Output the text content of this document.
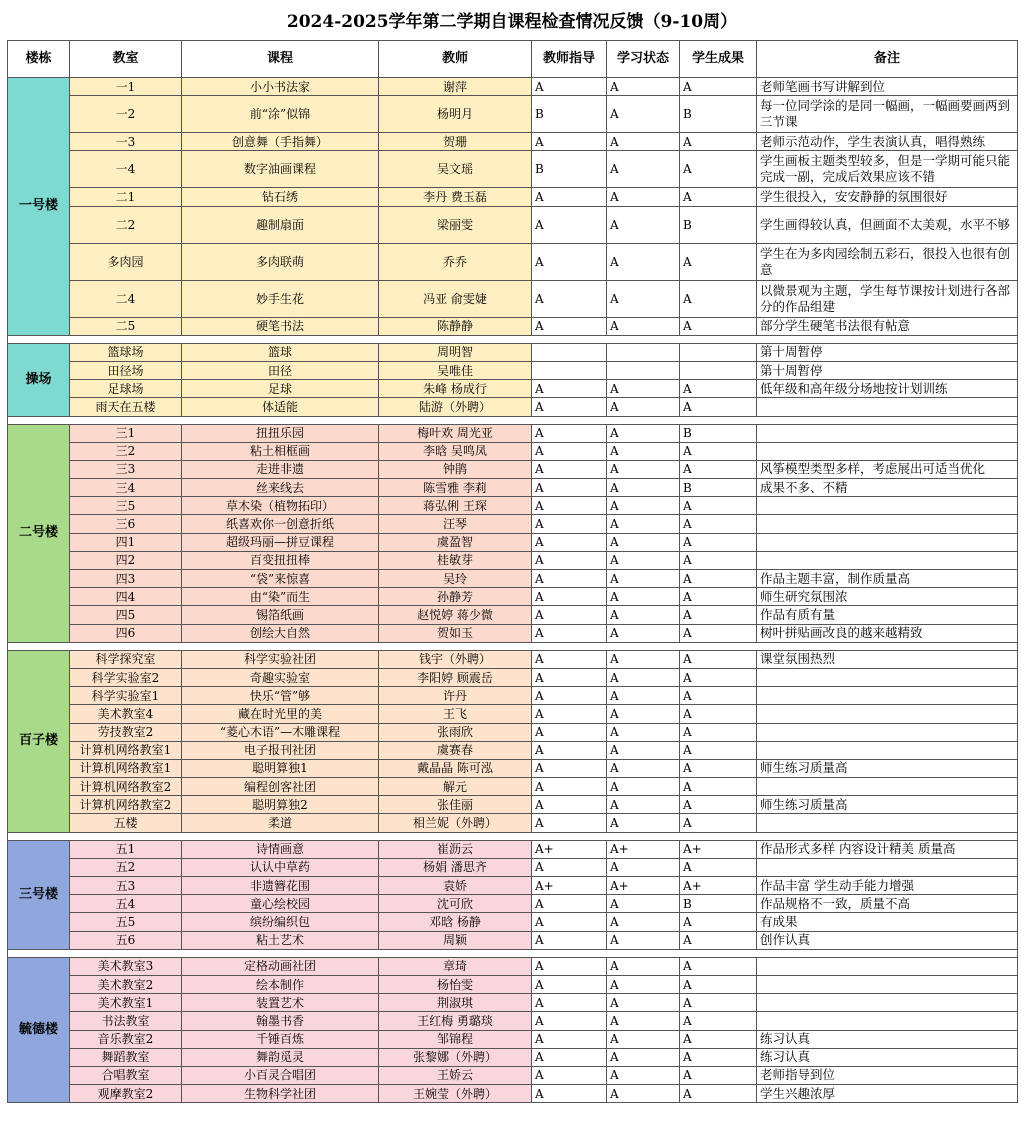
2024-2025学年第二学期自课程检查情况反馈（9-10周）
楼栋	教室	课程	教师	教师指导	学习状态	学生成果	备注
一号楼	一1	小小书法家	谢萍	A	A	A	老师笔画书写讲解到位
	一2	前“涂”似锦	杨明月	B	A	B	每一位同学涂的是同一幅画，一幅画要画两到三节课
	一3	创意舞（手指舞）	贺珊	A	A	A	老师示范动作，学生表演认真，唱得熟练
	一4	数字油画课程	吴文瑶	B	A	A	学生画板主题类型较多，但是一学期可能只能完成一副，完成后效果应该不错
	二1	钻石绣	李丹 费玉磊	A	A	A	学生很投入，安安静静的氛围很好
	二2	趣制扇面	梁丽雯	A	A	B	学生画得较认真，但画面不太美观，水平不够
	多肉园	多肉联萌	乔乔	A	A	A	学生在为多肉园绘制五彩石，很投入也很有创意
	二4	妙手生花	冯亚 俞雯婕	A	A	A	以微景观为主题，学生每节课按计划进行各部分的作品组建
	二5	硬笔书法	陈静静	A	A	A	部分学生硬笔书法很有帖意

操场	篮球场	篮球	周明智				第十周暂停
	田径场	田径	吴唯佳				第十周暂停
	足球场	足球	朱峰 杨成行	A	A	A	低年级和高年级分场地按计划训练
	雨天在五楼	体适能	陆游（外聘）	A	A	A	

二号楼	三1	扭扭乐园	梅叶欢 周光亚	A	A	B	
	三2	粘土相框画	李晗 吴鸣凤	A	A	A	
	三3	走进非遗	钟鹃	A	A	A	风筝模型类型多样，考虑展出可适当优化
	三4	丝来线去	陈雪雅 李莉	A	A	B	成果不多、不精
	三5	草木染（植物拓印）	蒋弘俐 王琛	A	A	A	
	三6	纸喜欢你一创意折纸	汪琴	A	A	A	
	四1	超级玛丽—拼豆课程	虞盈智	A	A	A	
	四2	百变扭扭棒	桂敏芽	A	A	A	
	四3	“袋”来惊喜	吴玲	A	A	A	作品主题丰富，制作质量高
	四4	由“染”而生	孙静芳	A	A	A	师生研究氛围浓
	四5	锡箔纸画	赵悦婷 蒋少微	A	A	A	作品有质有量
	四6	创绘大自然	贺如玉	A	A	A	树叶拼贴画改良的越来越精致

百子楼	科学探究室	科学实验社团	钱宇（外聘）	A	A	A	课堂氛围热烈
	科学实验室2	奇趣实验室	李阳婷 顾震岳	A	A	A	
	科学实验室1	快乐“管”够	许丹	A	A	A	
	美术教室4	藏在时光里的美	王飞	A	A	A	
	劳技教室2	“菱心木语”—木雕课程	张雨欣	A	A	A	
	计算机网络教室1	电子报刊社团	虞赛春	A	A	A	
	计算机网络教室1	聪明算独1	戴晶晶 陈可泓	A	A	A	师生练习质量高
	计算机网络教室2	编程创客社团	解元	A	A	A	
	计算机网络教室2	聪明算独2	张佳丽	A	A	A	师生练习质量高
	五楼	柔道	相兰妮（外聘）	A	A	A	

三号楼	五1	诗情画意	崔沥云	A+	A+	A+	作品形式多样 内容设计精美 质量高
	五2	认认中草药	杨娟 潘思齐	A	A	A	
	五3	非遗簪花围	袁娇	A+	A+	A+	作品丰富 学生动手能力增强
	五4	童心绘校园	沈可欣	A	A	B	作品规格不一致，质量不高
	五5	缤纷编织包	邓晗 杨静	A	A	A	有成果
	五6	粘土艺术	周颖	A	A	A	创作认真

毓德楼	美术教室3	定格动画社团	章琦	A	A	A	
	美术教室2	绘本制作	杨怡雯	A	A	A	
	美术教室1	装置艺术	荆淑琪	A	A	A	
	书法教室	翰墨书香	王红梅 勇璐琰	A	A	A	
	音乐教室2	千锤百炼	邹锦程	A	A	A	练习认真
	舞蹈教室	舞韵觅灵	张黎娜（外聘）	A	A	A	练习认真
	合唱教室	小百灵合唱团	王娇云	A	A	A	老师指导到位
	观摩教室2	生物科学社团	王婉莹（外聘）	A	A	A	学生兴趣浓厚
